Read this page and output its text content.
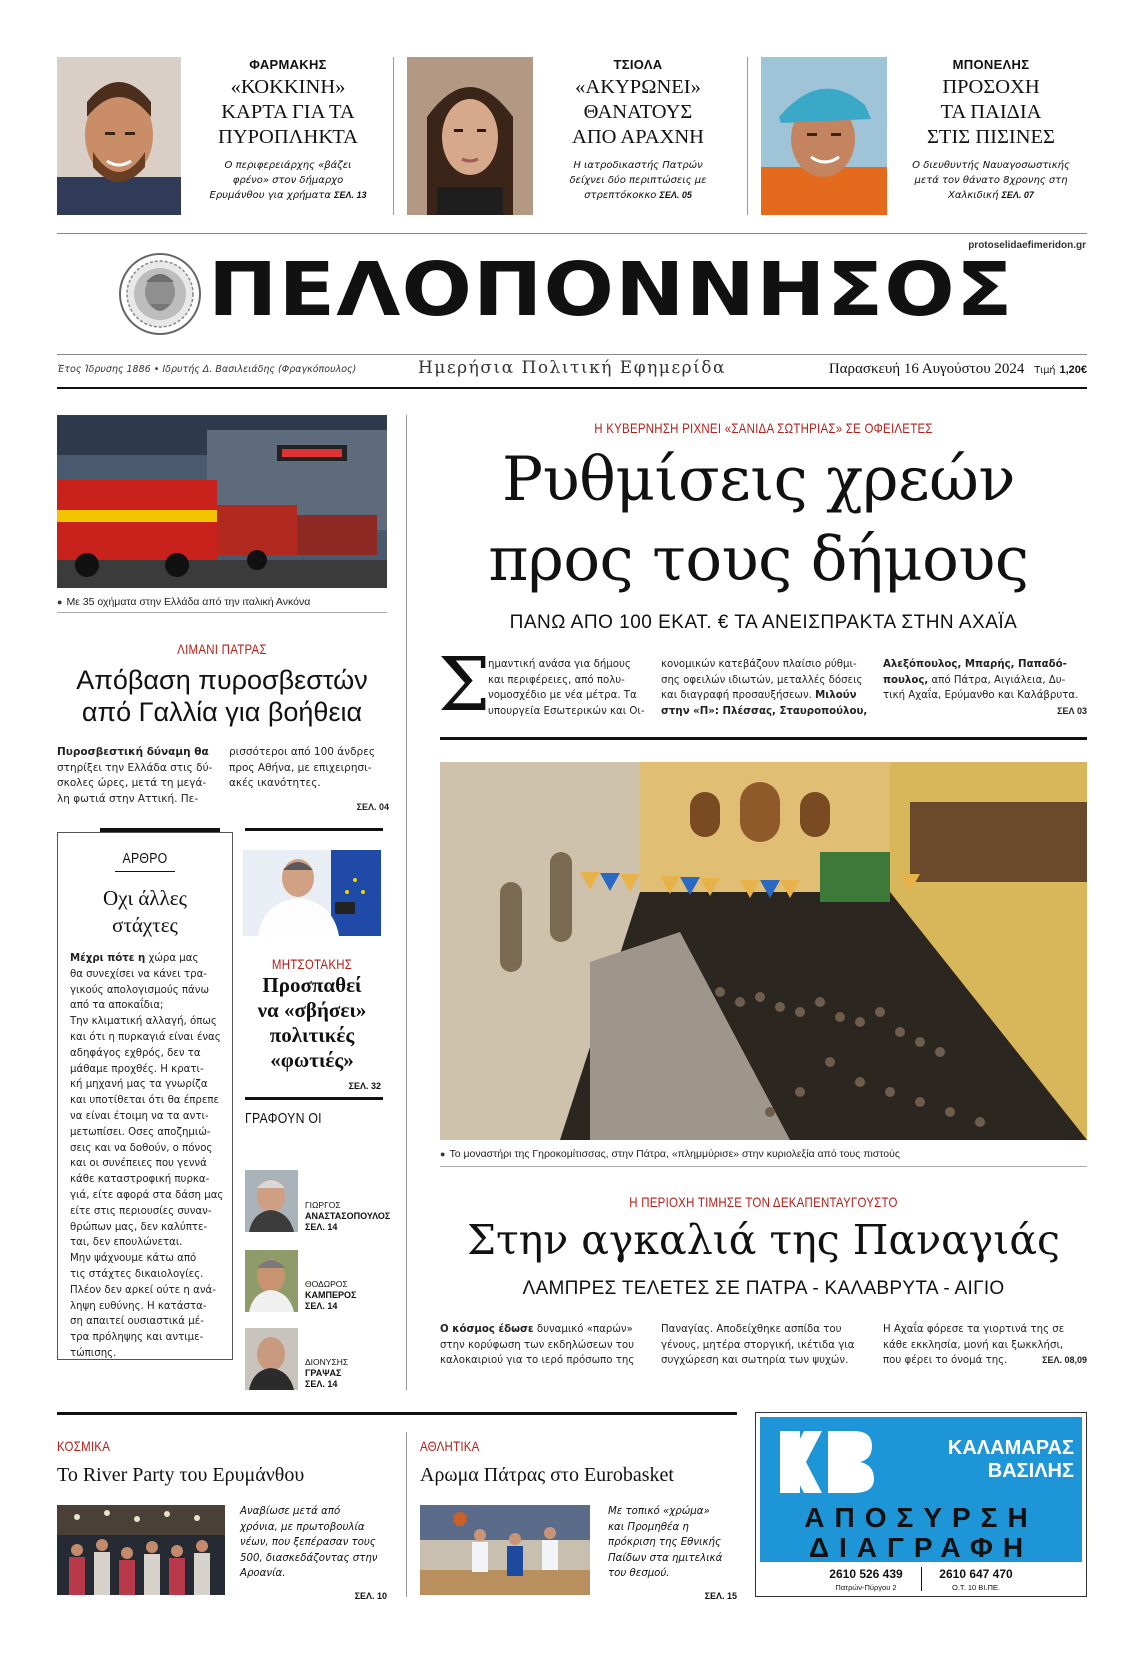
ΦΑΡΜΑΚΗΣ
«ΚΟΚΚΙΝΗ»
ΚΑΡΤΑ ΓΙΑ ΤΑ
ΠΥΡΟΠΛΗΚΤΑ
Ο περιφερειάρχης «βάζει
φρένο» στον δήμαρχο
Ερυμάνθου για χρήματα ΣΕΛ. 13
ΤΣΙΟΛΑ
«ΑΚΥΡΩΝΕΙ»
ΘΑΝΑΤΟΥΣ
ΑΠΟ ΑΡΑΧΝΗ
Η ιατροδικαστής Πατρών
δείχνει δύο περιπτώσεις με
στρεπτόκοκκο ΣΕΛ. 05
ΜΠΟΝΕΛΗΣ
ΠΡΟΣΟΧΗ
ΤΑ ΠΑΙΔΙΑ
ΣΤΙΣ ΠΙΣΙΝΕΣ
Ο διευθυντής Ναυαγοσωστικής
μετά τον θάνατο 8χρονης στη
Χαλκιδική ΣΕΛ. 07
protoselidaefimeridon.gr
ΠΕΛΟΠΟΝΝΗΣΟΣ
Έτος Ίδρυσης 1886 • Ιδρυτής Δ. Βασιλειάδης (Φραγκόπουλος)	Ημερήσια Πολιτική Εφημερίδα	Παρασκευή 16 Αυγούστου 2024 Τιμή 1,20€
● Με 35 οχήματα στην Ελλάδα από την ιταλική Ανκόνα
ΛΙΜΑΝΙ ΠΑΤΡΑΣ
Απόβαση πυροσβεστών
από Γαλλία για βοήθεια
Πυροσβεστική δύναμη θα
στηρίξει την Ελλάδα στις δύ-
σκολες ώρες, μετά τη μεγά-
λη φωτιά στην Αττική. Πε-
ρισσότεροι από 100 άνδρες
προς Αθήνα, με επιχειρησι-
ακές ικανότητες.
ΣΕΛ. 04
ΑΡΘΡΟ
Οχι άλλες
στάχτες
Μέχρι πότε η χώρα μας
θα συνεχίσει να κάνει τρα-
γικούς απολογισμούς πάνω
από τα αποκαΐδια;
Την κλιματική αλλαγή, όπως
και ότι η πυρκαγιά είναι ένας
αδηφάγος εχθρός, δεν τα
μάθαμε προχθές. Η κρατι-
κή μηχανή μας τα γνωρίζα
και υποτίθεται ότι θα έπρεπε
να είναι έτοιμη να τα αντι-
μετωπίσει. Οσες αποζημιώ-
σεις και να δοθούν, ο πόνος
και οι συνέπειες που γεννά
κάθε καταστροφική πυρκα-
γιά, είτε αφορά στα δάση μας
είτε στις περιουσίες συναν-
θρώπων μας, δεν καλύπτε-
ται, δεν επουλώνεται.
Μην ψάχνουμε κάτω από
τις στάχτες δικαιολογίες.
Πλέον δεν αρκεί ούτε η ανά-
ληψη ευθύνης. Η κατάστα-
ση απαιτεί ουσιαστικά μέ-
τρα πρόληψης και αντιμε-
τώπισης.
ΜΗΤΣΟΤΑΚΗΣ
Προσπαθεί
να «σβήσει»
πολιτικές
«φωτιές»
ΣΕΛ. 32
ΓΡΑΦΟΥΝ ΟΙ
ΓΙΩΡΓΟΣ
ΑΝΑΣΤΑΣΟΠΟΥΛΟΣ
ΣΕΛ. 14
ΘΟΔΩΡΟΣ
ΚΑΜΠΕΡΟΣ
ΣΕΛ. 14
ΔΙΟΝΥΣΗΣ
ΓΡΑΨΑΣ
ΣΕΛ. 14
Η ΚΥΒΕΡΝΗΣΗ ΡΙΧΝΕΙ «ΣΑΝΙΔΑ ΣΩΤΗΡΙΑΣ» ΣΕ ΟΦΕΙΛΕΤΕΣ
Ρυθμίσεις χρεών
προς τους δήμους
ΠΑΝΩ ΑΠΟ 100 ΕΚΑΤ. € ΤΑ ΑΝΕΙΣΠΡΑΚΤΑ ΣΤΗΝ ΑΧΑΪΑ
Σ
ημαντική ανάσα για δήμους
και περιφέρειες, από πολυ-
νομοσχέδιο με νέα μέτρα. Τα
υπουργεία Εσωτερικών και Οι-
κονομικών κατεβάζουν πλαίσιο ρύθμι-
σης οφειλών ιδιωτών, μεταλλές δόσεις
και διαγραφή προσαυξήσεων. Μιλούν
στην «Π»: Πλέσσας, Σταυροπούλου,
Αλεξόπουλος, Μπαρής, Παπαδό-
πουλος, από Πάτρα, Αιγιάλεια, Δυ-
τική Αχαΐα, Ερύμανθο και Καλάβρυτα.
ΣΕΛ 03
● Το μοναστήρι της Γηροκομίτισσας, στην Πάτρα, «πλημμύρισε» στην κυριολεξία από τους πιστούς
Η ΠΕΡΙΟΧΗ ΤΙΜΗΣΕ ΤΟΝ ΔΕΚΑΠΕΝΤΑΥΓΟΥΣΤΟ
Στην αγκαλιά της Παναγιάς
ΛΑΜΠΡΕΣ ΤΕΛΕΤΕΣ ΣΕ ΠΑΤΡΑ - ΚΑΛΑΒΡΥΤΑ - ΑΙΓΙΟ
Ο κόσμος έδωσε δυναμικό «παρών»
στην κορύφωση των εκδηλώσεων του
καλοκαιριού για το ιερό πρόσωπο της
Παναγίας. Αποδείχθηκε ασπίδα του
γένους, μητέρα στοργική, ικέτιδα για
συγχώρεση και σωτηρία των ψυχών.
Η Αχαΐα φόρεσε τα γιορτινά της σε
κάθε εκκλησία, μονή και ξωκκλήσι,
που φέρει το όνομά της.	ΣΕΛ. 08,09
ΚΟΣΜΙΚΑ
Το River Party του Ερυμάνθου
Αναβίωσε μετά από
χρόνια, με πρωτοβουλία
νέων, που ξεπέρασαν τους
500, διασκεδάζοντας στην
Αροανία.
ΣΕΛ. 10
ΑΘΛΗΤΙΚΑ
Αρωμα Πάτρας στο Eurobasket
Με τοπικό «χρώμα»
και Προμηθέα η
πρόκριση της Εθνικής
Παίδων στα ημιτελικά
του θεσμού.
ΣΕΛ. 15
ΚΑΛΑΜΑΡΑΣ
ΒΑΣΙΛΗΣ
ΑΠΟΣΥΡΣΗ
ΔΙΑΓΡΑΦΗ
2610 526 439
Πατρών-Πύργου 2
2610 647 470
Ο.Τ. 10 ΒΙ.ΠΕ.
